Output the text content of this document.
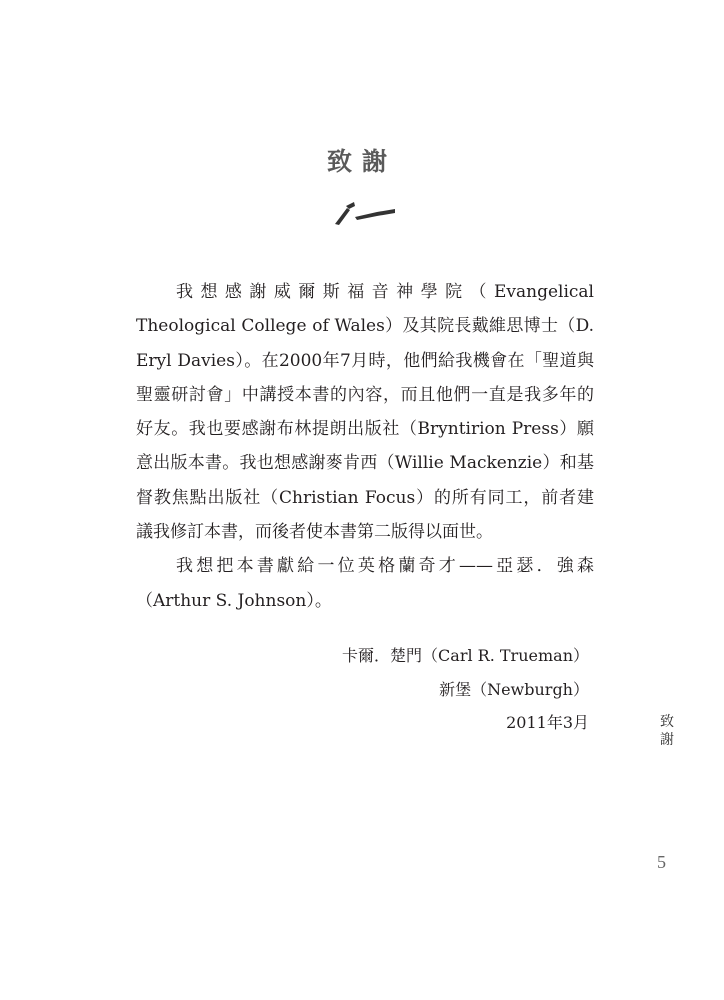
致謝

我想感謝威爾斯福音神學院（Evangelical Theological College of Wales）及其院長戴維思博士（D. Eryl Davies）。在2000年7月時，他們給我機會在「聖道與聖靈研討會」中講授本書的內容，而且他們一直是我多年的好友。我也要感謝布林提朗出版社（Bryntirion Press）願意出版本書。我也想感謝麥肯西（Willie Mackenzie）和基督教焦點出版社（Christian Focus）的所有同工，前者建議我修訂本書，而後者使本書第二版得以面世。

我想把本書獻給一位英格蘭奇才——亞瑟．強森（Arthur S. Johnson）。

卡爾．楚門（Carl R. Trueman）
新堡（Newburgh）
2011年3月	致謝
5
